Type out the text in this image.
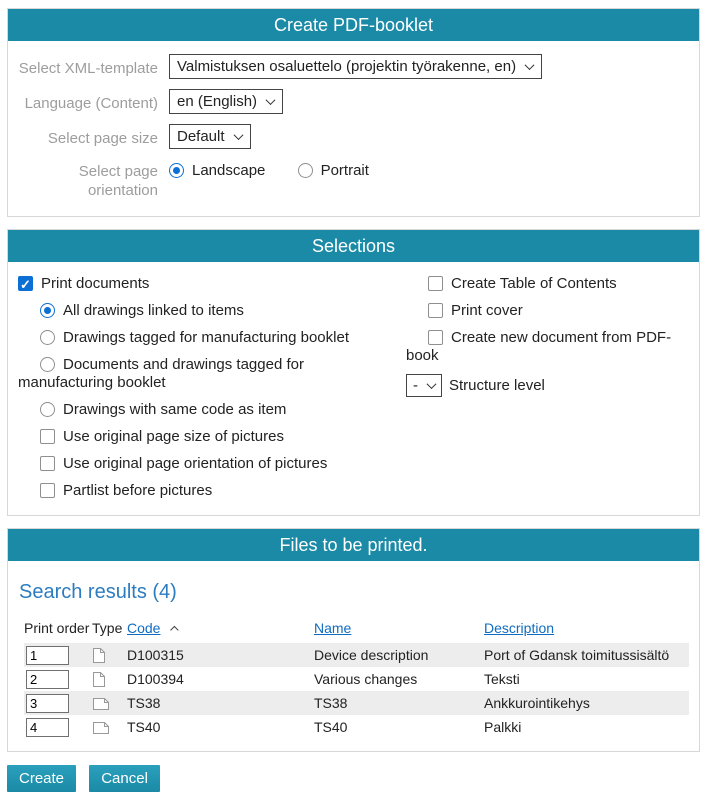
Create PDF-booklet
Select XML-template Valmistuksen osaluettelo (projektin työrakenne, en)
Language (Content) en (English)
Select page size Default
Select page orientation
Landscape	Portrait
Selections
✓Print documents
All drawings linked to items
Drawings tagged for manufacturing booklet
Documents and drawings tagged for manufacturing booklet
Drawings with same code as item
Use original page size of pictures
Use original page orientation of pictures
Partlist before pictures
Create Table of Contents
Print cover
Create new document from PDF-book
- Structure level
Files to be printed.
Search results (4)
Print order	Type	Code	Name	Description
1		D100315	Device description	Port of Gdansk toimitussisältö
2		D100394	Various changes	Teksti
3		TS38	TS38	Ankkurointikehys
4		TS40	TS40	Palkki
Create Cancel
